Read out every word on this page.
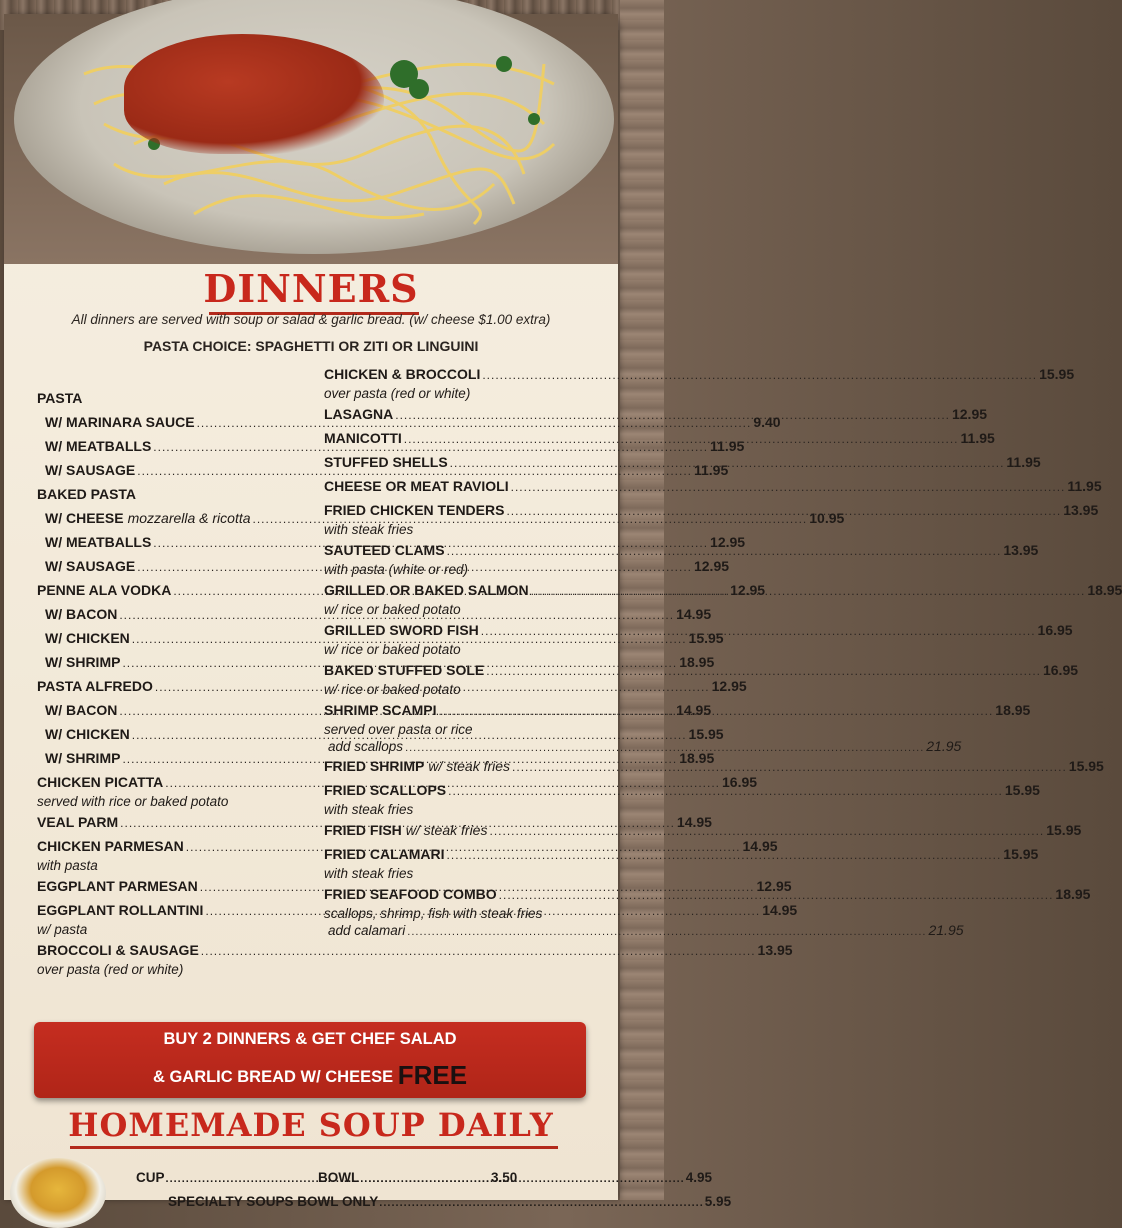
DINNERS
All dinners are served with soup or salad & garlic bread. (w/ cheese $1.00 extra)
PASTA CHOICE: SPAGHETTI OR ZITI OR LINGUINI
PASTA
W/ MARINARA SAUCE .....	9.40
W/ MEATBALLS .....	11.95
W/ SAUSAGE .....	11.95
BAKED PASTA
W/ CHEESE mozzarella & ricotta .....	10.95
W/ MEATBALLS .....	12.95
W/ SAUSAGE .....	12.95
PENNE ALA VODKA .....	12.95
W/ BACON .....	14.95
W/ CHICKEN .....	15.95
W/ SHRIMP .....	18.95
PASTA ALFREDO .....	12.95
W/ BACON .....	14.95
W/ CHICKEN .....	15.95
W/ SHRIMP .....	18.95
CHICKEN PICATTA .....	16.95
served with rice or baked potato
VEAL PARM .....	14.95
CHICKEN PARMESAN .....	14.95
with pasta
EGGPLANT PARMESAN .....	12.95
EGGPLANT ROLLANTINI .....	14.95
w/ pasta
BROCCOLI & SAUSAGE .....	13.95
over pasta (red or white)
CHICKEN & BROCCOLI .....	15.95
over pasta (red or white)
LASAGNA .....	12.95
MANICOTTI .....	11.95
STUFFED SHELLS .....	11.95
CHEESE OR MEAT RAVIOLI .....	11.95
FRIED CHICKEN TENDERS .....	13.95
with steak fries
SAUTEED CLAMS .....	13.95
with pasta (white or red)
GRILLED OR BAKED SALMON .....	18.95
w/ rice or baked potato
GRILLED SWORD FISH .....	16.95
w/ rice or baked potato
BAKED STUFFED SOLE .....	16.95
w/ rice or baked potato
SHRIMP SCAMPI .....	18.95
served over pasta or rice
add scallops .....	21.95
FRIED SHRIMP w/ steak fries .....	15.95
FRIED SCALLOPS .....	15.95
with steak fries
FRIED FISH w/ steak fries .....	15.95
FRIED CALAMARI .....	15.95
with steak fries
FRIED SEAFOOD COMBO .....	18.95
scallops, shrimp, fish with steak fries
add calamari .....	21.95
BUY 2 DINNERS & GET CHEF SALAD
& GARLIC BREAD W/ CHEESE FREE
HOMEMADE SOUP DAILY
CUP .....	3.50
BOWL .....	4.95
SPECIALTY SOUPS BOWL ONLY .....	5.95
